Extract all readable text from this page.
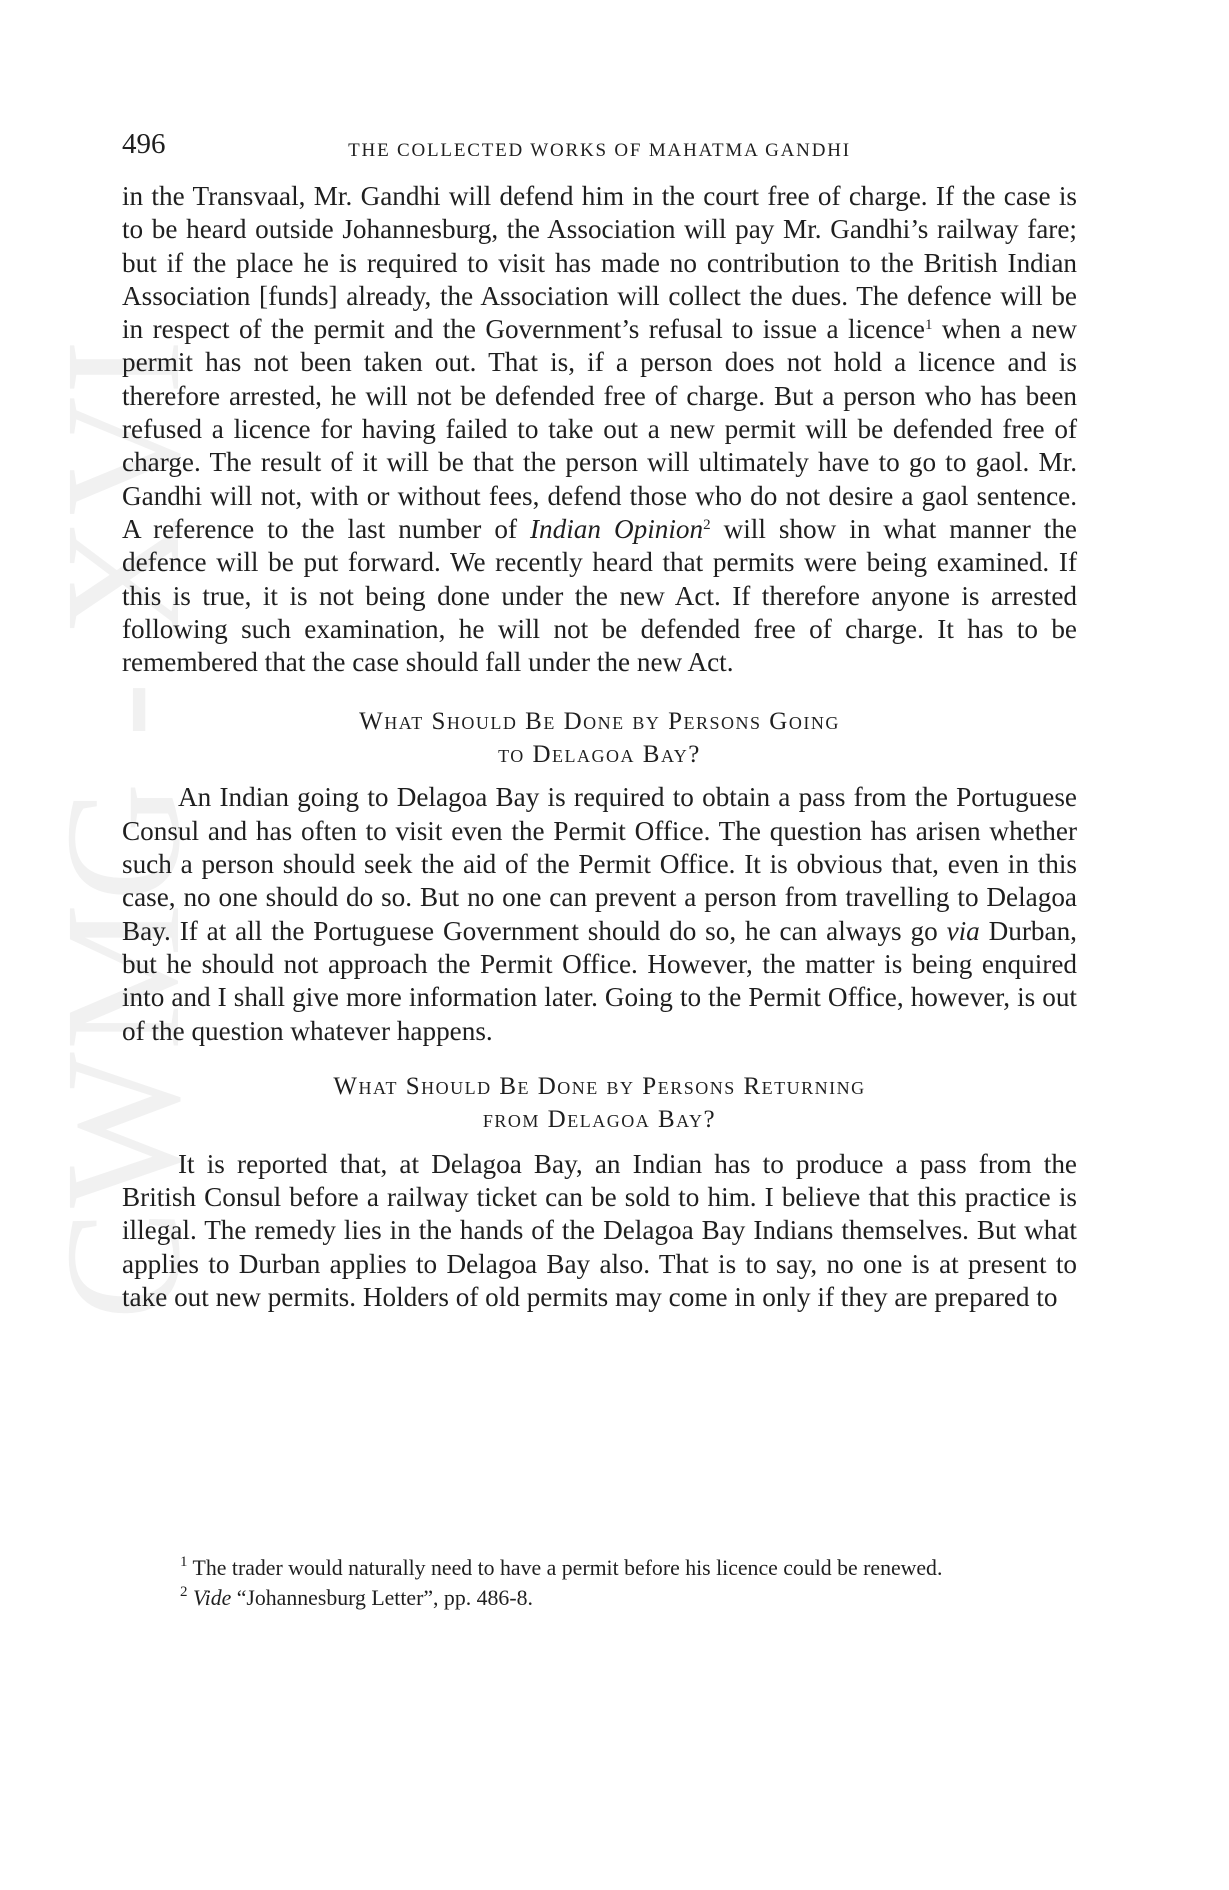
CWMG - XVI
496	THE COLLECTED WORKS OF MAHATMA GANDHI

in the Transvaal, Mr. Gandhi will defend him in the court free of charge. If the case is to be heard outside Johannesburg, the Association will pay Mr. Gandhi’s railway fare; but if the place he is required to visit has made no contribution to the British Indian Association [funds] already, the Association will collect the dues. The defence will be in respect of the permit and the Government’s refusal to issue a licence$^1$ when a new permit has not been taken out. That is, if a person does not hold a licence and is therefore arrested, he will not be defended free of charge. But a person who has been refused a licence for having failed to take out a new permit will be defended free of charge. The result of it will be that the person will ultimately have to go to gaol. Mr. Gandhi will not, with or without fees, defend those who do not desire a gaol sentence. A reference to the last number of Indian Opinion$^2$ will show in what manner the defence will be put forward. We recently heard that permits were being examined. If this is true, it is not being done under the new Act. If therefore anyone is arrested following such examination, he will not be defended free of charge. It has to be remembered that the case should fall under the new Act.

What Should Be Done by Persons Going
to Delagoa Bay?

An Indian going to Delagoa Bay is required to obtain a pass from the Portuguese Consul and has often to visit even the Permit Office. The question has arisen whether such a person should seek the aid of the Permit Office. It is obvious that, even in this case, no one should do so. But no one can prevent a person from travelling to Delagoa Bay. If at all the Portuguese Government should do so, he can always go via Durban, but he should not approach the Permit Office. However, the matter is being enquired into and I shall give more information later. Going to the Permit Office, however, is out of the question whatever happens.

What Should Be Done by Persons Returning
from Delagoa Bay?

It is reported that, at Delagoa Bay, an Indian has to produce a pass from the British Consul before a railway ticket can be sold to him. I believe that this practice is illegal. The remedy lies in the hands of the Delagoa Bay Indians themselves. But what applies to Durban applies to Delagoa Bay also. That is to say, no one is at present to take out new permits. Holders of old permits may come in only if they are prepared to

$^1$ The trader would naturally need to have a permit before his licence could be renewed.

$^2$ Vide “Johannesburg Letter”, pp. 486-8.
